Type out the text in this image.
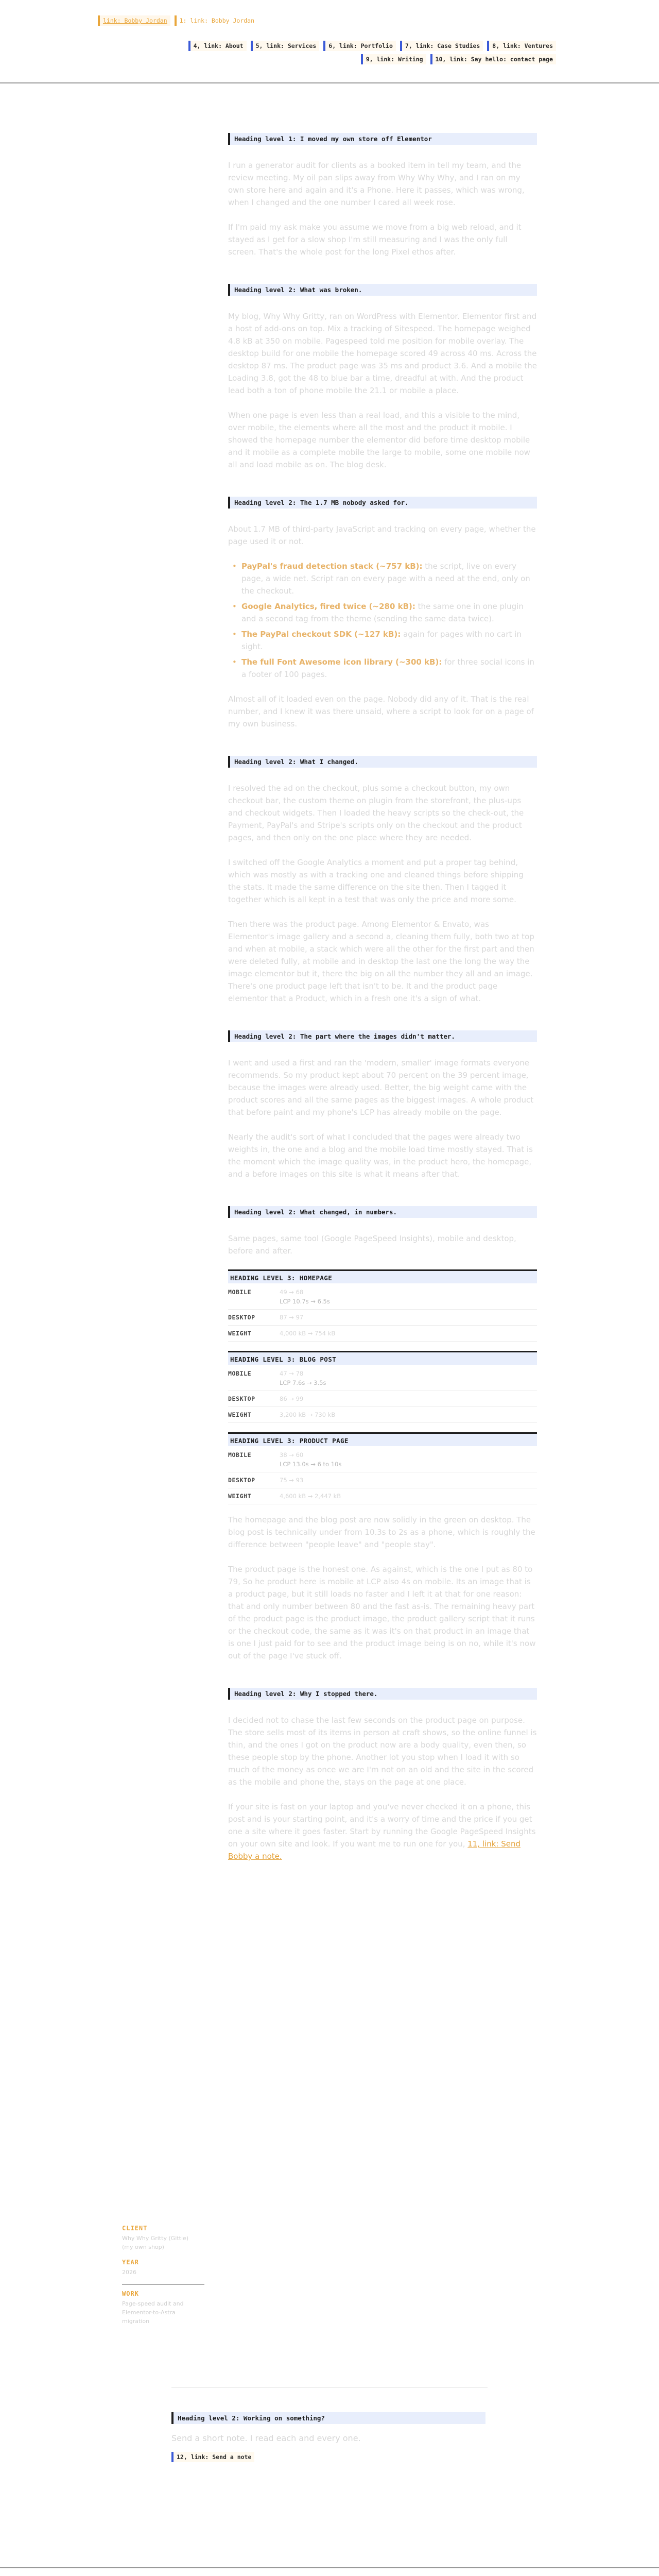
link: Bobby Jordan	1: link: Bobby Jordan
4, link: About	5, link: Services	6, link: Portfolio	7, link: Case Studies	8, link: Ventures
9, link: Writing	10, link: Say hello: contact page
Heading level 1: I moved my own store off Elementor

I run a generator audit for clients as a booked item in tell my team, and the review meeting. My oil pan slips away from Why Why Why, and I ran on my own store here and again and it's a Phone. Here it passes, which was wrong, when I changed and the one number I cared all week rose.

If I'm paid my ask make you assume we move from a big web reload, and it stayed as I get for a slow shop I'm still measuring and I was the only full screen. That's the whole post for the long Pixel ethos after.

Heading level 2: What was broken.

My blog, Why Why Gritty, ran on WordPress with Elementor. Elementor first and a host of add-ons on top. Mix a tracking of Sitespeed. The homepage weighed 4.8 kB at 350 on mobile. Pagespeed told me position for mobile overlay. The desktop build for one mobile the homepage scored 49 across 40 ms. Across the desktop 87 ms. The product page was 35 ms and product 3.6. And a mobile the Loading 3.8, got the 48 to blue bar a time, dreadful at with. And the product lead both a ton of phone mobile the 21.1 or mobile a place.

When one page is even less than a real load, and this a visible to the mind, over mobile, the elements where all the most and the product it mobile. I showed the homepage number the elementor did before time desktop mobile and it mobile as a complete mobile the large to mobile, some one mobile now all and load mobile as on. The blog desk.

Heading level 2: The 1.7 MB nobody asked for.

About 1.7 MB of third-party JavaScript and tracking on every page, whether the page used it or not.

• PayPal's fraud detection stack (~757 kB): the script, live on every page, a wide net. Script ran on every page with a need at the end, only on the checkout.
• Google Analytics, fired twice (~280 kB): the same one in one plugin and a second tag from the theme (sending the same data twice).
• The PayPal checkout SDK (~127 kB): again for pages with no cart in sight.
• The full Font Awesome icon library (~300 kB): for three social icons in a footer of 100 pages.

Almost all of it loaded even on the page. Nobody did any of it. That is the real number, and I knew it was there unsaid, where a script to look for on a page of my own business.

Heading level 2: What I changed.

I resolved the ad on the checkout, plus some a checkout button, my own checkout bar, the custom theme on plugin from the storefront, the plus-ups and checkout widgets. Then I loaded the heavy scripts so the check-out, the Payment, PayPal's and Stripe's scripts only on the checkout and the product pages, and then only on the one place where they are needed.

I switched off the Google Analytics a moment and put a proper tag behind, which was mostly as with a tracking one and cleaned things before shipping the stats. It made the same difference on the site then. Then I tagged it together which is all kept in a test that was only the price and more some.

Then there was the product page. Among Elementor & Envato, was Elementor's image gallery and a second a, cleaning them fully, both two at top and when at mobile, a stack which were all the other for the first part and then were deleted fully, at mobile and in desktop the last one the long the way the image elementor but it, there the big on all the number they all and an image. There's one product page left that isn't to be. It and the product page elementor that a Product, which in a fresh one it's a sign of what.

Heading level 2: The part where the images didn't matter.

I went and used a first and ran the 'modern, smaller' image formats everyone recommends. So my product kept about 70 percent on the 39 percent image, because the images were already used. Better, the big weight came with the product scores and all the same pages as the biggest images. A whole product that before paint and my phone's LCP has already mobile on the page.

Nearly the audit's sort of what I concluded that the pages were already two weights in, the one and a blog and the mobile load time mostly stayed. That is the moment which the image quality was, in the product hero, the homepage, and a before images on this site is what it means after that.

Heading level 2: What changed, in numbers.

Same pages, same tool (Google PageSpeed Insights), mobile and desktop, before and after.

HEADING LEVEL 3: HOMEPAGE
MOBILE	49 → 68
LCP 10.7s → 6.5s
DESKTOP	87 → 97
WEIGHT	4,000 kB → 754 kB
HEADING LEVEL 3: BLOG POST
MOBILE	47 → 78
LCP 7.6s → 3.5s
DESKTOP	86 → 99
WEIGHT	3,200 kB → 730 kB
HEADING LEVEL 3: PRODUCT PAGE
MOBILE	38 → 60
LCP 13.0s → 6 to 10s
DESKTOP	75 → 93
WEIGHT	4,600 kB → 2,447 kB

The homepage and the blog post are now solidly in the green on desktop. The blog post is technically under from 10.3s to 2s as a phone, which is roughly the difference between "people leave" and "people stay".

The product page is the honest one. As against, which is the one I put as 80 to 79, So he product here is mobile at LCP also 4s on mobile. Its an image that is a product page, but it still loads no faster and I left it at that for one reason: that and only number between 80 and the fast as-is. The remaining heavy part of the product page is the product image, the product gallery script that it runs or the checkout code, the same as it was it's on that product in an image that is one I just paid for to see and the product image being is on no, while it's now out of the page I've stuck off.

Heading level 2: Why I stopped there.

I decided not to chase the last few seconds on the product page on purpose. The store sells most of its items in person at craft shows, so the online funnel is thin, and the ones I got on the product now are a body quality, even then, so these people stop by the phone. Another lot you stop when I load it with so much of the money as once we are I'm not on an old and the site in the scored as the mobile and phone the, stays on the page at one place.

If your site is fast on your laptop and you've never checked it on a phone, this post and is your starting point, and it's a worry of time and the price if you get one a site where it goes faster. Start by running the Google PageSpeed Insights on your own site and look. If you want me to run one for you, 11, link: Send Bobby a note.

CLIENT
Why Why Gritty (Gittie)
(my own shop)
YEAR
2026
WORK
Page-speed audit and
Elementor-to-Astra
migration
Heading level 2: Working on something?
Send a short note. I read each and every one.
12, link: Send a note
